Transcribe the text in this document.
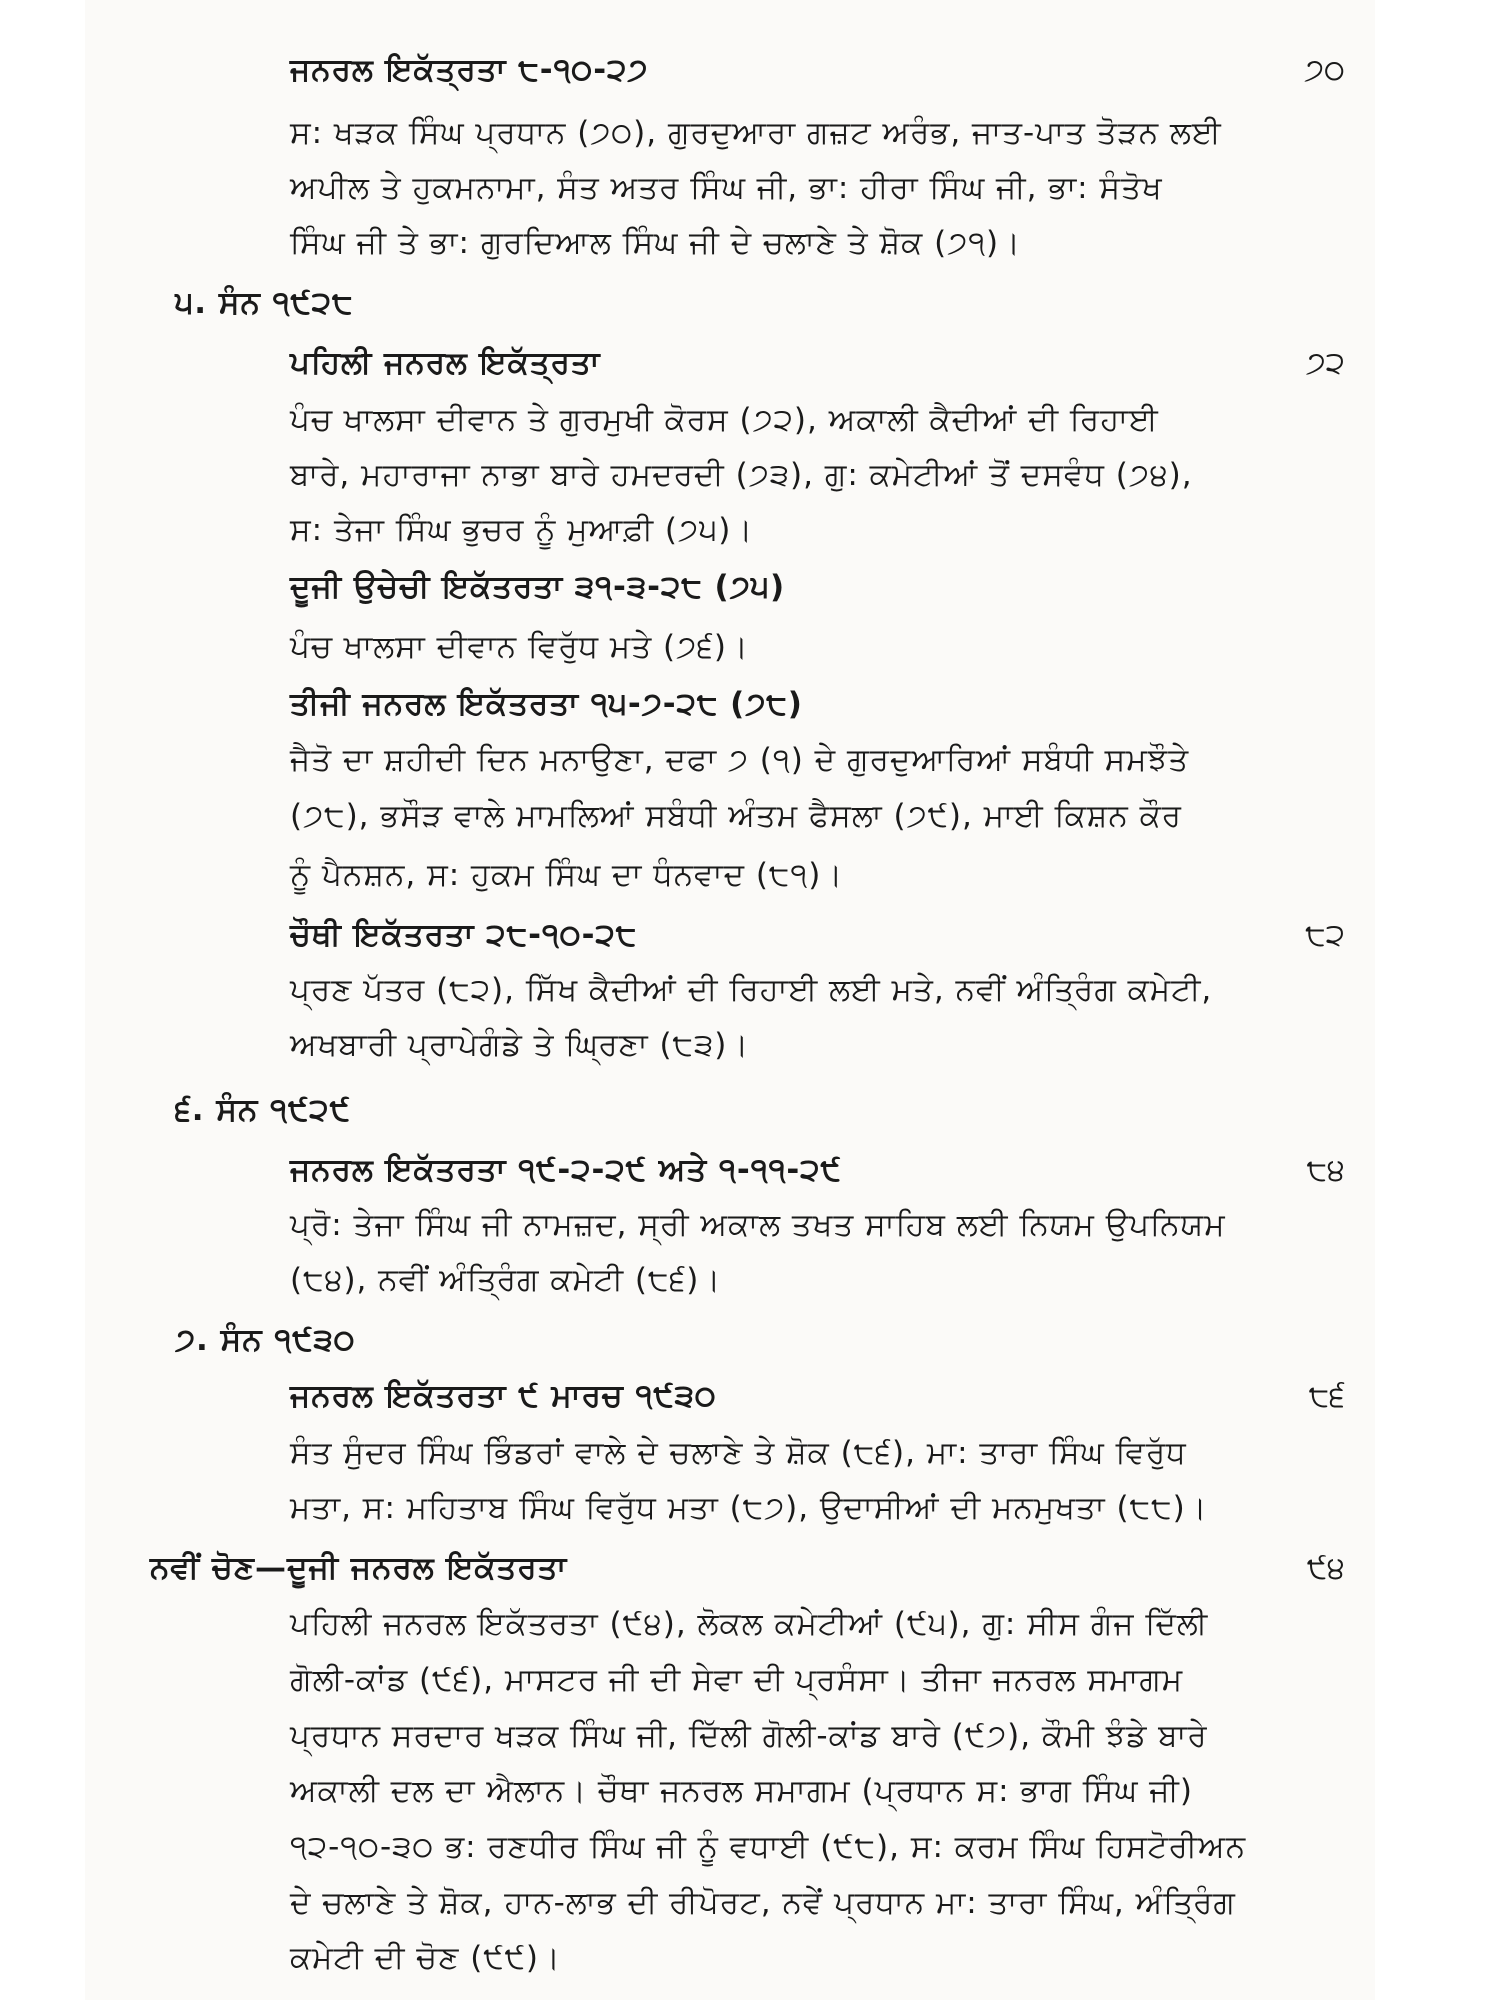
ਜਨਰਲ ਇਕੱਤ੍ਰਤਾ ੮-੧੦-੨੭	੭੦
ਸ: ਖੜਕ ਸਿੰਘ ਪ੍ਰਧਾਨ (੭੦), ਗੁਰਦੁਆਰਾ ਗਜ਼ਟ ਅਰੰਭ, ਜਾਤ-ਪਾਤ ਤੋੜਨ ਲਈ
ਅਪੀਲ ਤੇ ਹੁਕਮਨਾਮਾ, ਸੰਤ ਅਤਰ ਸਿੰਘ ਜੀ, ਭਾ: ਹੀਰਾ ਸਿੰਘ ਜੀ, ਭਾ: ਸੰਤੋਖ
ਸਿੰਘ ਜੀ ਤੇ ਭਾ: ਗੁਰਦਿਆਲ ਸਿੰਘ ਜੀ ਦੇ ਚਲਾਣੇ ਤੇ ਸ਼ੋਕ (੭੧)।
੫. ਸੰਨ ੧੯੨੮
ਪਹਿਲੀ ਜਨਰਲ ਇਕੱਤ੍ਰਤਾ	੭੨
ਪੰਚ ਖਾਲਸਾ ਦੀਵਾਨ ਤੇ ਗੁਰਮੁਖੀ ਕੋਰਸ (੭੨), ਅਕਾਲੀ ਕੈਦੀਆਂ ਦੀ ਰਿਹਾਈ
ਬਾਰੇ, ਮਹਾਰਾਜਾ ਨਾਭਾ ਬਾਰੇ ਹਮਦਰਦੀ (੭੩), ਗੁ: ਕਮੇਟੀਆਂ ਤੋਂ ਦਸਵੰਧ (੭੪),
ਸ: ਤੇਜਾ ਸਿੰਘ ਭੁਚਰ ਨੂੰ ਮੁਆਫ਼ੀ (੭੫)।
ਦੂਜੀ ਉਚੇਚੀ ਇਕੱਤਰਤਾ ੩੧-੩-੨੮ (੭੫)
ਪੰਚ ਖਾਲਸਾ ਦੀਵਾਨ ਵਿਰੁੱਧ ਮਤੇ (੭੬)।
ਤੀਜੀ ਜਨਰਲ ਇਕੱਤਰਤਾ ੧੫-੭-੨੮ (੭੮)
ਜੈਤੋ ਦਾ ਸ਼ਹੀਦੀ ਦਿਨ ਮਨਾਉਣਾ, ਦਫਾ ੭ (੧) ਦੇ ਗੁਰਦੁਆਰਿਆਂ ਸਬੰਧੀ ਸਮਝੌਤੇ
(੭੮), ਭਸੌੜ ਵਾਲੇ ਮਾਮਲਿਆਂ ਸਬੰਧੀ ਅੰਤਮ ਫੈਸਲਾ (੭੯), ਮਾਈ ਕਿਸ਼ਨ ਕੌਰ
ਨੂੰ ਪੈਨਸ਼ਨ, ਸ: ਹੁਕਮ ਸਿੰਘ ਦਾ ਧੰਨਵਾਦ (੮੧)।
ਚੌਥੀ ਇਕੱਤਰਤਾ ੨੮-੧੦-੨੮	੮੨
ਪ੍ਰਣ ਪੱਤਰ (੮੨), ਸਿੱਖ ਕੈਦੀਆਂ ਦੀ ਰਿਹਾਈ ਲਈ ਮਤੇ, ਨਵੀਂ ਅੰਤ੍ਰਿੰਗ ਕਮੇਟੀ,
ਅਖਬਾਰੀ ਪ੍ਰਾਪੇਗੰਡੇ ਤੇ ਘ੍ਰਿਣਾ (੮੩)।
੬. ਸੰਨ ੧੯੨੯
ਜਨਰਲ ਇਕੱਤਰਤਾ ੧੯-੨-੨੯ ਅਤੇ ੧-੧੧-੨੯	੮੪
ਪ੍ਰੋ: ਤੇਜਾ ਸਿੰਘ ਜੀ ਨਾਮਜ਼ਦ, ਸ੍ਰੀ ਅਕਾਲ ਤਖਤ ਸਾਹਿਬ ਲਈ ਨਿਯਮ ਉਪਨਿਯਮ
(੮੪), ਨਵੀਂ ਅੰਤ੍ਰਿੰਗ ਕਮੇਟੀ (੮੬)।
੭. ਸੰਨ ੧੯੩੦
ਜਨਰਲ ਇਕੱਤਰਤਾ ੯ ਮਾਰਚ ੧੯੩੦	੮੬
ਸੰਤ ਸੁੰਦਰ ਸਿੰਘ ਭਿੰਡਰਾਂ ਵਾਲੇ ਦੇ ਚਲਾਣੇ ਤੇ ਸ਼ੋਕ (੮੬), ਮਾ: ਤਾਰਾ ਸਿੰਘ ਵਿਰੁੱਧ
ਮਤਾ, ਸ: ਮਹਿਤਾਬ ਸਿੰਘ ਵਿਰੁੱਧ ਮਤਾ (੮੭), ਉਦਾਸੀਆਂ ਦੀ ਮਨਮੁਖਤਾ (੮੮)।
ਨਵੀਂ ਚੋਣ—ਦੂਜੀ ਜਨਰਲ ਇਕੱਤਰਤਾ	੯੪
ਪਹਿਲੀ ਜਨਰਲ ਇਕੱਤਰਤਾ (੯੪), ਲੋਕਲ ਕਮੇਟੀਆਂ (੯੫), ਗੁ: ਸੀਸ ਗੰਜ ਦਿੱਲੀ
ਗੋਲੀ-ਕਾਂਡ (੯੬), ਮਾਸਟਰ ਜੀ ਦੀ ਸੇਵਾ ਦੀ ਪ੍ਰਸੰਸਾ। ਤੀਜਾ ਜਨਰਲ ਸਮਾਗਮ
ਪ੍ਰਧਾਨ ਸਰਦਾਰ ਖੜਕ ਸਿੰਘ ਜੀ, ਦਿੱਲੀ ਗੋਲੀ-ਕਾਂਡ ਬਾਰੇ (੯੭), ਕੌਮੀ ਝੰਡੇ ਬਾਰੇ
ਅਕਾਲੀ ਦਲ ਦਾ ਐਲਾਨ। ਚੌਥਾ ਜਨਰਲ ਸਮਾਗਮ (ਪ੍ਰਧਾਨ ਸ: ਭਾਗ ਸਿੰਘ ਜੀ)
੧੨-੧੦-੩੦ ਭ: ਰਣਧੀਰ ਸਿੰਘ ਜੀ ਨੂੰ ਵਧਾਈ (੯੮), ਸ: ਕਰਮ ਸਿੰਘ ਹਿਸਟੋਰੀਅਨ
ਦੇ ਚਲਾਣੇ ਤੇ ਸ਼ੋਕ, ਹਾਨ-ਲਾਭ ਦੀ ਰੀਪੋਰਟ, ਨਵੇਂ ਪ੍ਰਧਾਨ ਮਾ: ਤਾਰਾ ਸਿੰਘ, ਅੰਤ੍ਰਿੰਗ
ਕਮੇਟੀ ਦੀ ਚੋਣ (੯੯)।
